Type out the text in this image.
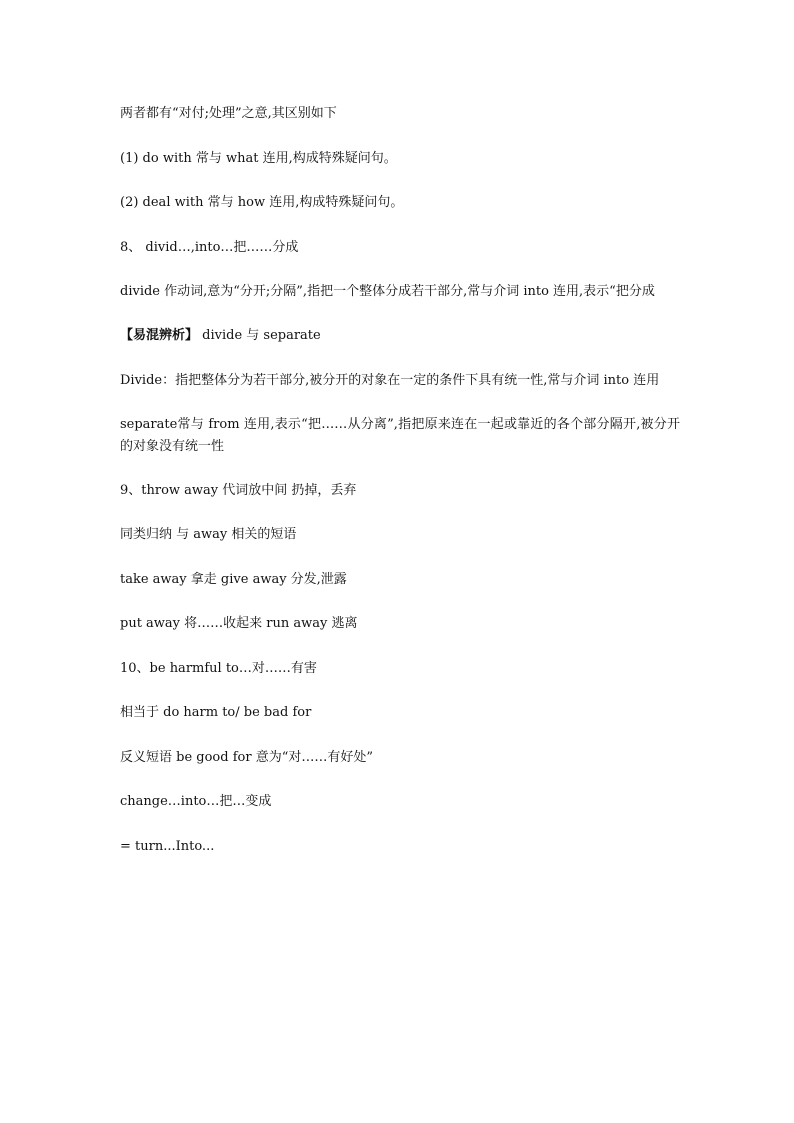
两者都有“对付;处理”之意,其区别如下

(1) do with 常与 what 连用,构成特殊疑问句。

(2) deal with 常与 how 连用,构成特殊疑问句。

8、 divid…,into…把……分成

divide 作动词,意为“分开;分隔”,指把一个整体分成若干部分,常与介词 into 连用,表示“把分成

【易混辨析】 divide 与 separate

Divide：指把整体分为若干部分,被分开的对象在一定的条件下具有统一性,常与介词 into 连用

separate常与 from 连用,表示“把……从分离”,指把原来连在一起或靠近的各个部分隔开,被分开的对象没有统一性

9、throw away 代词放中间 扔掉，丢弃

同类归纳 与 away 相关的短语

take away 拿走 give away 分发,泄露

put away 将……收起来 run away 逃离

10、be harmful to…对……有害

相当于 do harm to/ be bad for

反义短语 be good for 意为“对……有好处”

change…into…把…变成

= turn...Into...
